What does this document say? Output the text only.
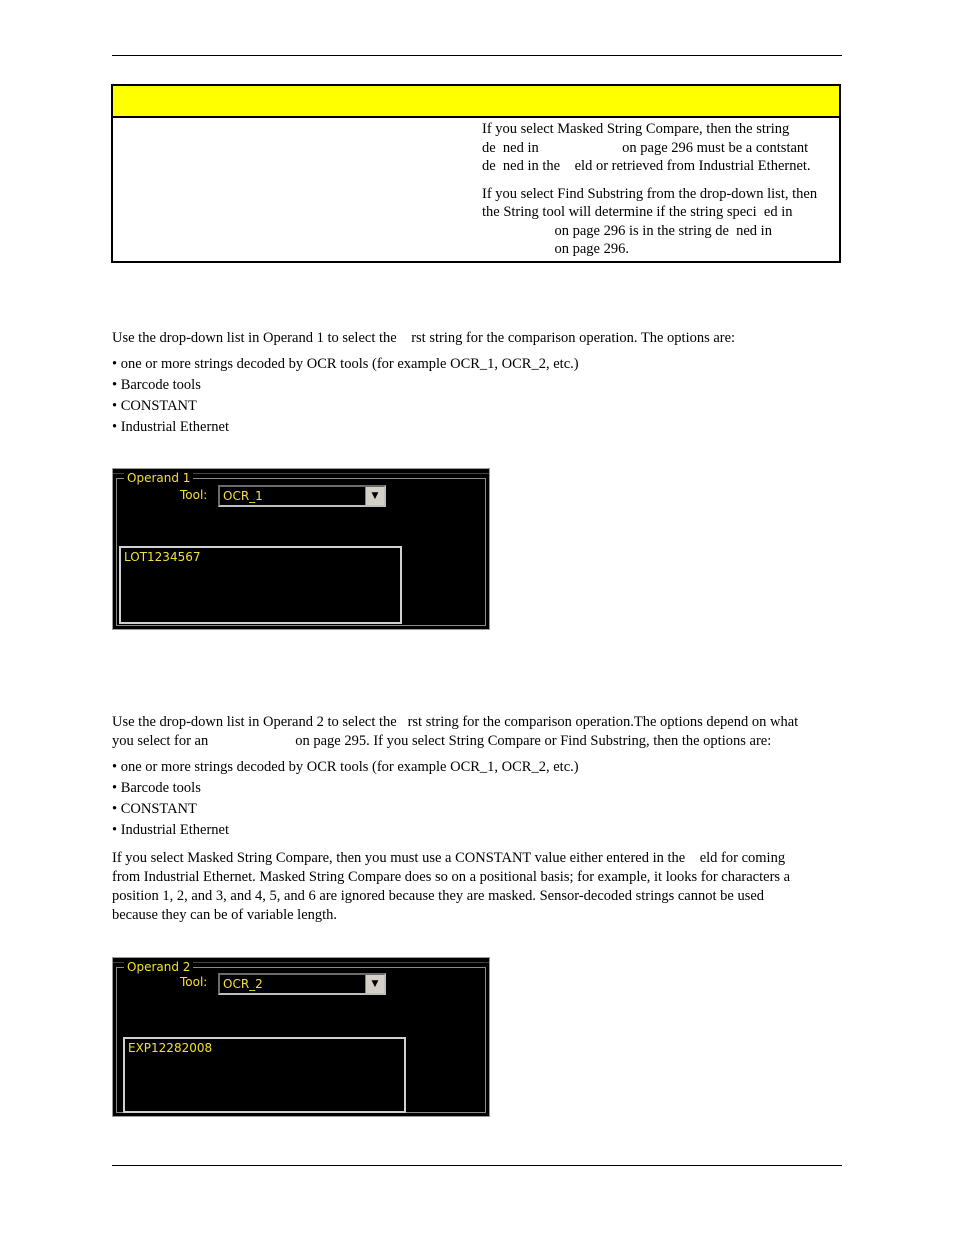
If you select Masked String Compare, then the string
de  ned in                       on page 296 must be a contstant
de  ned in the    eld or retrieved from Industrial Ethernet.

If you select Find Substring from the drop-down list, then
the String tool will determine if the string speci  ed in
on page 296 is in the string de  ned in
on page 296.

Use the drop-down list in Operand 1 to select the    rst string for the comparison operation. The options are:

• one or more strings decoded by OCR tools (for example OCR_1, OCR_2, etc.)
• Barcode tools
• CONSTANT
• Industrial Ethernet
Operand 1
Tool:	OCR_1	▼
LOT1234567

Use the drop-down list in Operand 2 to select the   rst string for the comparison operation.The options depend on what

you select for an                        on page 295. If you select String Compare or Find Substring, then the options are:

• one or more strings decoded by OCR tools (for example OCR_1, OCR_2, etc.)
• Barcode tools
• CONSTANT
• Industrial Ethernet

If you select Masked String Compare, then you must use a CONSTANT value either entered in the    eld for coming

from Industrial Ethernet. Masked String Compare does so on a positional basis; for example, it looks for characters a

position 1, 2, and 3, and 4, 5, and 6 are ignored because they are masked. Sensor-decoded strings cannot be used

because they can be of variable length.

Operand 2
Tool:	OCR_2	▼
EXP12282008
